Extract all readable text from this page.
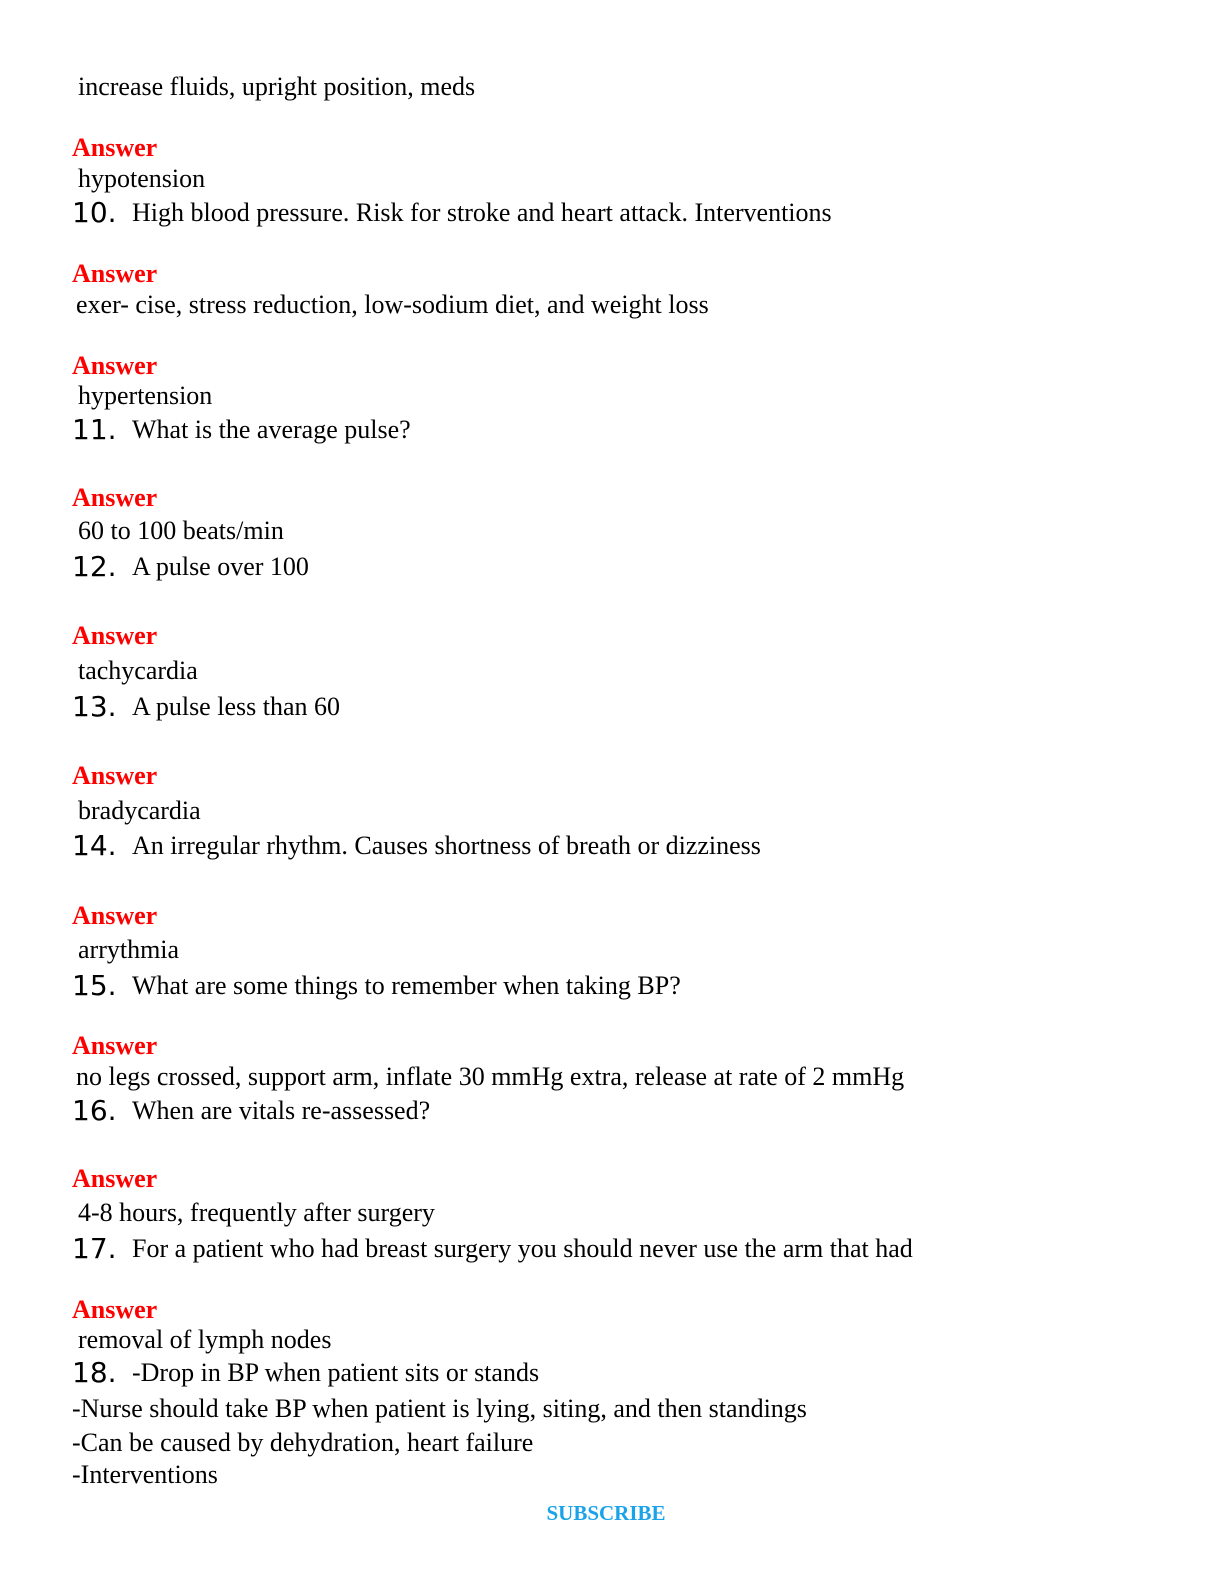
increase fluids, upright position, meds
Answer
hypotension
10. High blood pressure. Risk for stroke and heart attack. Interventions
Answer
exer- cise, stress reduction, low-sodium diet, and weight loss
Answer
hypertension
11. What is the average pulse?
Answer
60 to 100 beats/min
12. A pulse over 100
Answer
tachycardia
13. A pulse less than 60
Answer
bradycardia
14. An irregular rhythm. Causes shortness of breath or dizziness
Answer
arrythmia
15. What are some things to remember when taking BP?
Answer
no legs crossed, support arm, inflate 30 mmHg extra, release at rate of 2 mmHg
16. When are vitals re-assessed?
Answer
4-8 hours, frequently after surgery
17. For a patient who had breast surgery you should never use the arm that had
Answer
removal of lymph nodes
18. -Drop in BP when patient sits or stands
-Nurse should take BP when patient is lying, siting, and then standings
-Can be caused by dehydration, heart failure
-Interventions
SUBSCRIBE
